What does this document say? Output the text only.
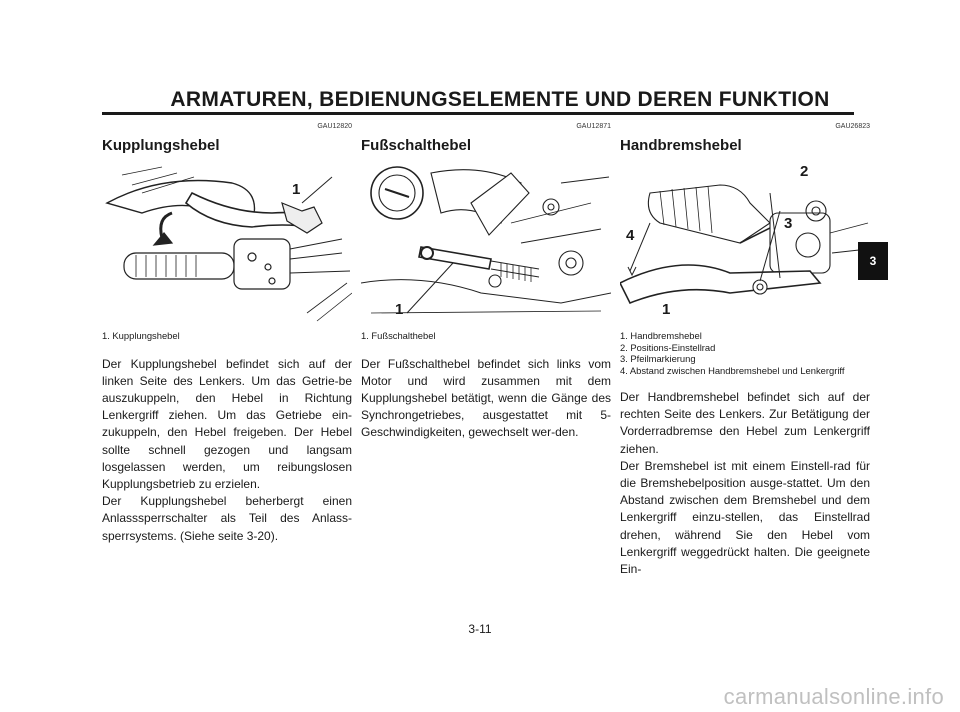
ARMATUREN, BEDIENUNGSELEMENTE UND DEREN FUNKTION
GAU12820
Kupplungshebel
1
1. Kupplungshebel

Der Kupplungshebel befindet sich auf der linken Seite des Lenkers. Um das Getrie-be auszukuppeln, den Hebel in Richtung Lenkergriff ziehen. Um das Getriebe ein-zukuppeln, den Hebel freigeben. Der Hebel sollte schnell gezogen und langsam losgelassen werden, um reibungslosen Kupplungsbetrieb zu erzielen.

Der Kupplungshebel beherbergt einen Anlasssperrschalter als Teil des Anlass-sperrsystems. (Siehe seite 3-20).

GAU12871
Fußschalthebel
1
1. Fußschalthebel

Der Fußschalthebel befindet sich links vom Motor und wird zusammen mit dem Kupplungshebel betätigt, wenn die Gänge des Synchrongetriebes, ausgestattet mit 5-Geschwindigkeiten, gewechselt wer-den.

GAU26823
Handbremshebel
2
3
4
1
1. Handbremshebel
2. Positions-Einstellrad
3. Pfeilmarkierung
4. Abstand zwischen Handbremshebel und Lenkergriff

Der Handbremshebel befindet sich auf der rechten Seite des Lenkers. Zur Betätigung der Vorderradbremse den Hebel zum Lenkergriff ziehen.

Der Bremshebel ist mit einem Einstell-rad für die Bremshebelposition ausge-stattet. Um den Abstand zwischen dem Bremshebel und dem Lenkergriff einzu-stellen, das Einstellrad drehen, während Sie den Hebel vom Lenkergriff weggedrückt halten. Die geeignete Ein-

3
3-11
carmanualsonline.info
